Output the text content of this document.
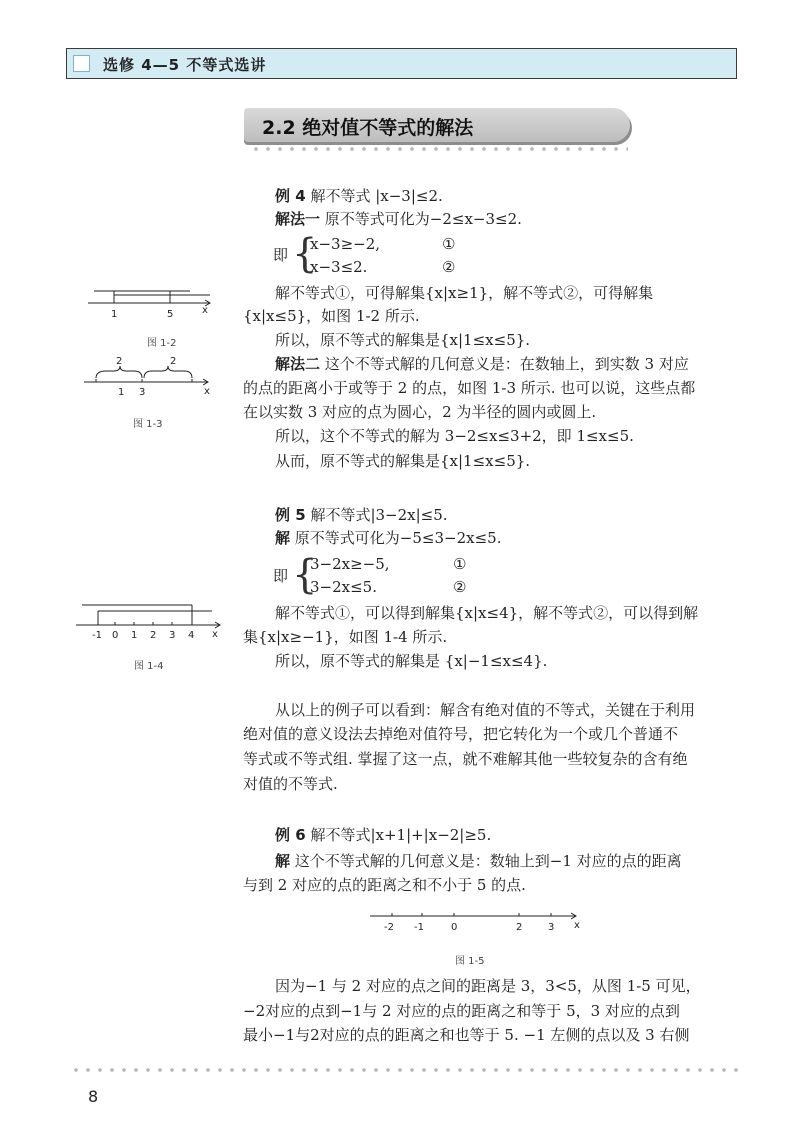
选修 4—5 不等式选讲
2.2 绝对值不等式的解法
例 4 解不等式 |x−3|≤2.
解法一 原不等式可化为−2≤x−3≤2.
即 {
x−3≥−2,	①
x−3≤2.	②
解不等式①，可得解集{x|x≥1}，解不等式②，可得解集
{x|x≤5}，如图 1-2 所示.
所以，原不等式的解集是{x|1≤x≤5}.
解法二 这个不等式解的几何意义是：在数轴上，到实数 3 对应
的点的距离小于或等于 2 的点，如图 1-3 所示. 也可以说，这些点都
在以实数 3 对应的点为圆心，2 为半径的圆内或圆上.
所以，这个不等式的解为 3−2≤x≤3+2，即 1≤x≤5.
从而，原不等式的解集是{x|1≤x≤5}.
1	5	x
图 1-2
2	2
1 3	x
图 1-3
例 5 解不等式|3−2x|≤5.
解 原不等式可化为−5≤3−2x≤5.
即 {
3−2x≥−5,	①
3−2x≤5.	②
解不等式①，可以得到解集{x|x≤4}，解不等式②，可以得到解
集{x|x≥−1}，如图 1-4 所示.
所以，原不等式的解集是 {x|−1≤x≤4}.
-1 0 1 2 3 4 x
图 1-4
从以上的例子可以看到：解含有绝对值的不等式，关键在于利用
绝对值的意义设法去掉绝对值符号，把它转化为一个或几个普通不
等式或不等式组. 掌握了这一点，就不难解其他一些较复杂的含有绝
对值的不等式.
例 6 解不等式|x+1|+|x−2|≥5.
解 这个不等式解的几何意义是：数轴上到−1 对应的点的距离
与到 2 对应的点的距离之和不小于 5 的点.
-2 -1	0	2	3 x
图 1-5
因为−1 与 2 对应的点之间的距离是 3，3<5，从图 1-5 可见，
−2对应的点到−1与 2 对应的点的距离之和等于 5，3 对应的点到
最小−1与2对应的点的距离之和也等于 5. −1 左侧的点以及 3 右侧
8
